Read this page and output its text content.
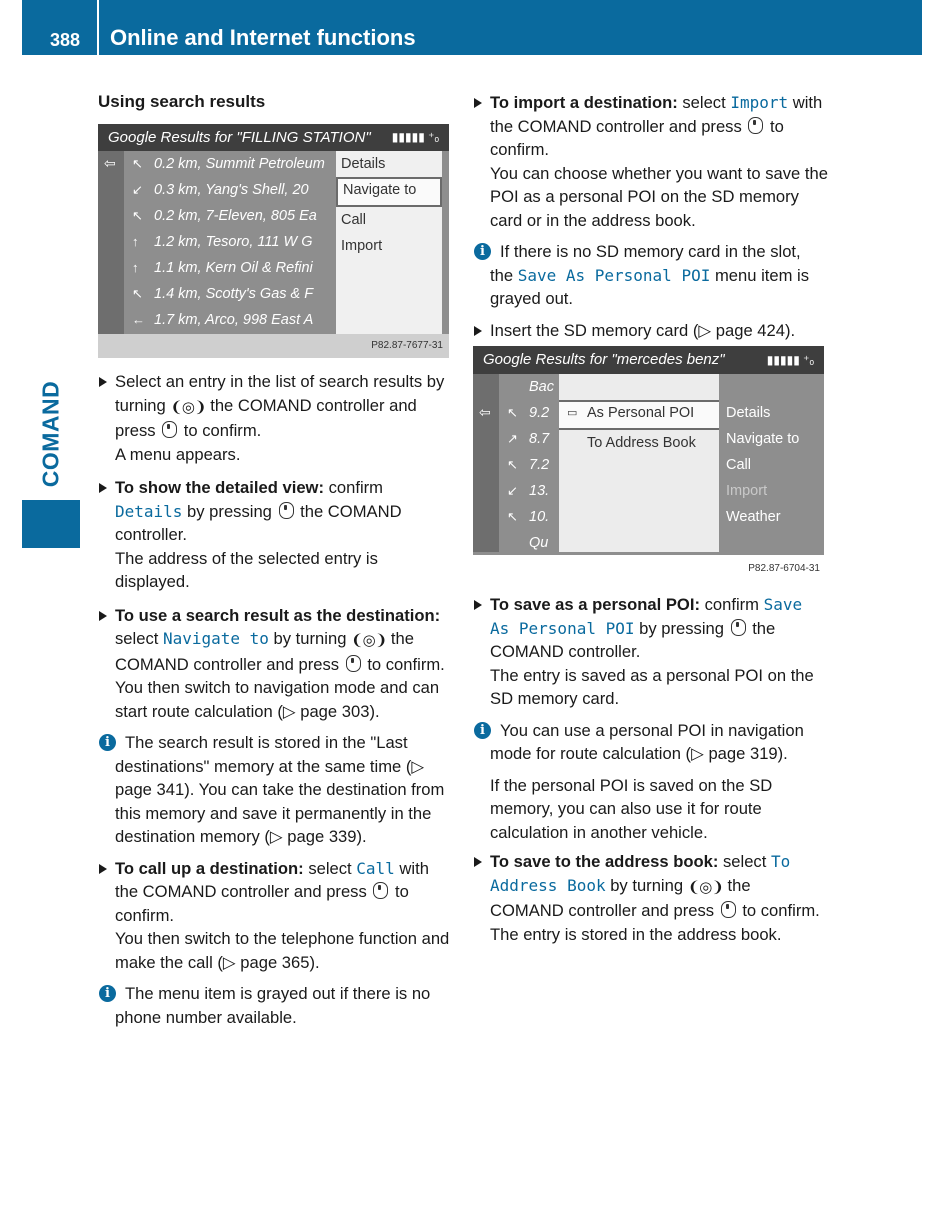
388 Online and Internet functions
COMAND

Using search results

Google Results for "FILLING STATION" ▮▮▮▮▮ ⁺ₒ
⇦ ↖ 0.2 km, Summit Petroleum
↙ 0.3 km, Yang's Shell, 20
↖ 0.2 km, 7-Eleven, 805 Ea
↑ 1.2 km, Tesoro, 111 W G
↑ 1.1 km, Kern Oil & Refini
↖ 1.4 km, Scotty's Gas & F
← 1.7 km, Arco, 998 East A
Details
Navigate to
Call
Import
P82.87-7677-31

Select an entry in the list of search results by turning ❨◎❩ the COMAND controller and press  to confirm.
A menu appears.

To show the detailed view: confirm Details by pressing  the COMAND controller.
The address of the selected entry is displayed.

To use a search result as the destination: select Navigate to by turning ❨◎❩ the COMAND controller and press  to confirm.
You then switch to navigation mode and can start route calculation (▷ page 303).

i The search result is stored in the "Last destinations" memory at the same time (▷ page 341). You can take the destination from this memory and save it permanently in the destination memory (▷ page 339).

To call up a destination: select Call with the COMAND controller and press  to confirm.
You then switch to the telephone function and make the call (▷ page 365).

i The menu item is grayed out if there is no phone number available.

To import a destination: select Import with the COMAND controller and press  to confirm.
You can choose whether you want to save the POI as a personal POI on the SD memory card or in the address book.

i If there is no SD memory card in the slot, the Save As Personal POI menu item is grayed out.

Insert the SD memory card (▷ page 424).

Google Results for "mercedes benz"	▮▮▮▮▮ ⁺ₒ
⇦
Bac
↖ 9.2
↗ 8.7
↖ 7.2
↙ 13.
↖ 10.
Qu
▭ As Personal POI
To Address Book
Details
Navigate to
Call
Import
Weather
P82.87-6704-31

To save as a personal POI: confirm Save As Personal POI by pressing  the COMAND controller.
The entry is saved as a personal POI on the SD memory card.

i You can use a personal POI in navigation mode for route calculation (▷ page 319).

If the personal POI is saved on the SD memory, you can also use it for route calculation in another vehicle.

To save to the address book: select To Address Book by turning ❨◎❩ the COMAND controller and press  to confirm.
The entry is stored in the address book.
